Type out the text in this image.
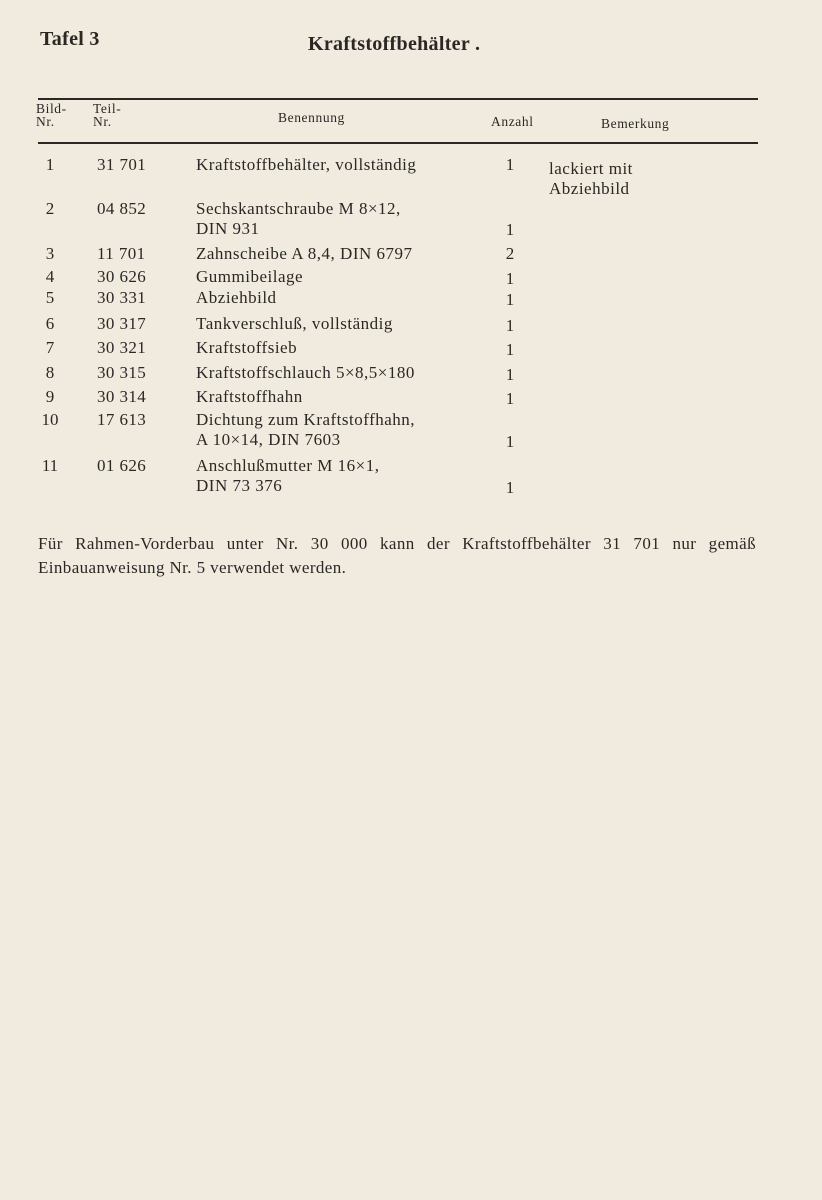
Tafel 3	Kraftstoffbehälter .
Bild-
Nr.
Teil-
Nr.	Benennung	Anzahl	Bemerkung
1	31 701	Kraftstoffbehälter, vollständig	1	lackiert mit
Abziehbild
2	04 852	Sechskantschraube M 8×12,
DIN 931	1
3	11 701	Zahnscheibe A 8,4, DIN 6797	2
4	30 626	Gummibeilage	1
5	30 331	Abziehbild	1
6	30 317	Tankverschluß, vollständig	1
7	30 321	Kraftstoffsieb	1
8	30 315	Kraftstoffschlauch 5×8,5×180	1
9	30 314	Kraftstoffhahn	1
10	17 613	Dichtung zum Kraftstoffhahn,
A 10×14, DIN 7603	1
11	01 626	Anschlußmutter M 16×1,
DIN 73 376	1
Für Rahmen-Vorderbau unter Nr. 30 000 kann der Kraftstoffbehälter 31 701 nur gemäß Einbauanweisung Nr. 5 verwendet werden.
